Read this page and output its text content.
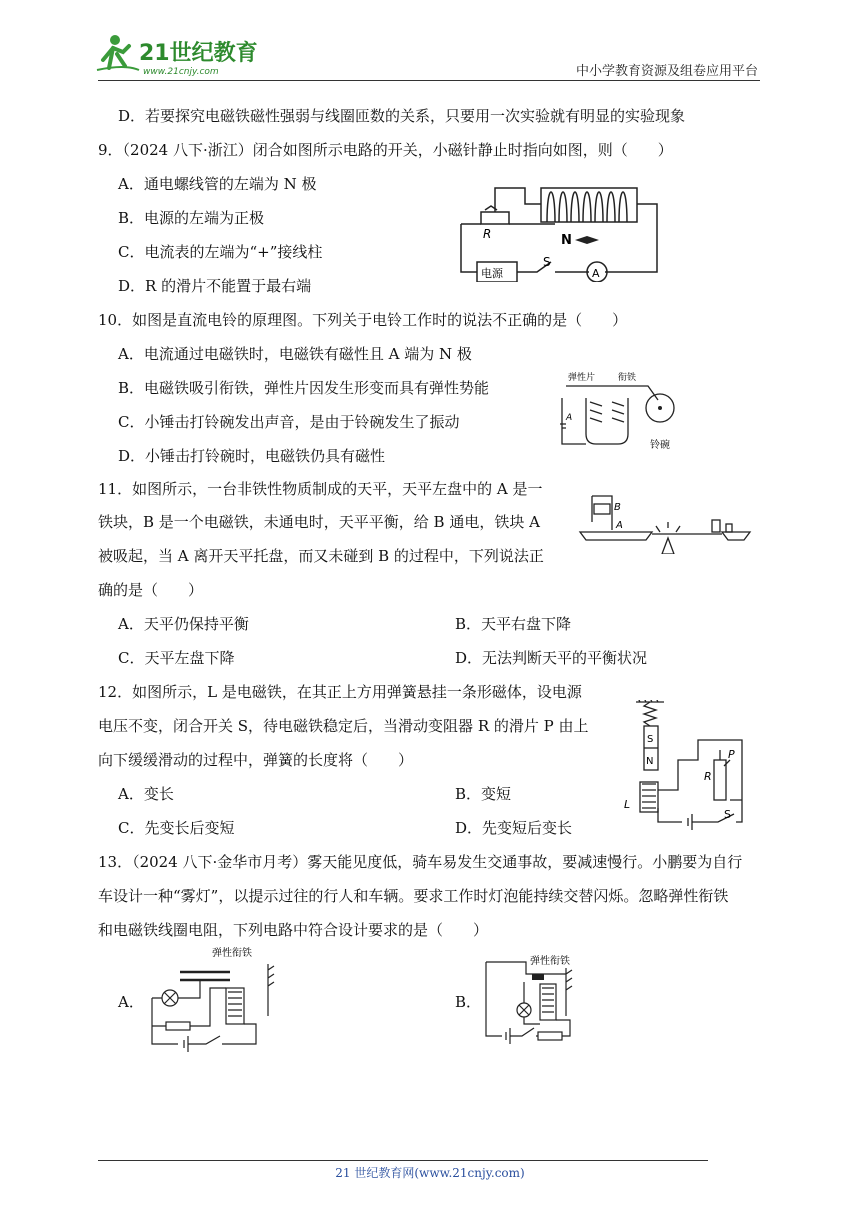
21世纪教育
www.21cnjy.com	中小学教育资源及组卷应用平台
D．若要探究电磁铁磁性强弱与线圈匝数的关系，只要用一次实验就有明显的实验现象
9．（2024 八下·浙江）闭合如图所示电路的开关，小磁针静止时指向如图，则（　　）
A．通电螺线管的左端为 N 极
B．电源的左端为正极
C．电流表的左端为“+”接线柱
D．R 的滑片不能置于最右端
R	N
S
A
电源
10．如图是直流电铃的原理图。下列关于电铃工作时的说法不正确的是（　　）
A．电流通过电磁铁时，电磁铁有磁性且 A 端为 N 极
B．电磁铁吸引衔铁，弹性片因发生形变而具有弹性势能
C．小锤击打铃碗发出声音，是由于铃碗发生了振动
D．小锤击打铃碗时，电磁铁仍具有磁性
弹性片	衔铁
A
铃碗
11．如图所示，一台非铁性物质制成的天平，天平左盘中的 A 是一
铁块，B 是一个电磁铁，未通电时，天平平衡，给 B 通电，铁块 A
被吸起，当 A 离开天平托盘，而又未碰到 B 的过程中，下列说法正
确的是（　　）
A．天平仍保持平衡	B．天平右盘下降
C．天平左盘下降	D．无法判断天平的平衡状况
B
A
12．如图所示，L 是电磁铁，在其正上方用弹簧悬挂一条形磁体，设电源
电压不变，闭合开关 S，待电磁铁稳定后，当滑动变阻器 R 的滑片 P 由上
向下缓缓滑动的过程中，弹簧的长度将（　　）
A．变长	B．变短
C．先变长后变短	D．先变短后变长
S
N
R
P
L
S
13．（2024 八下·金华市月考）雾天能见度低，骑车易发生交通事故，要减速慢行。小鹏要为自行
车设计一种“雾灯”，以提示过往的行人和车辆。要求工作时灯泡能持续交替闪烁。忽略弹性衔铁
和电磁铁线圈电阻，下列电路中符合设计要求的是（　　）
A．
弹性衔铁
B．
弹性衔铁
21 世纪教育网(www.21cnjy.com)
